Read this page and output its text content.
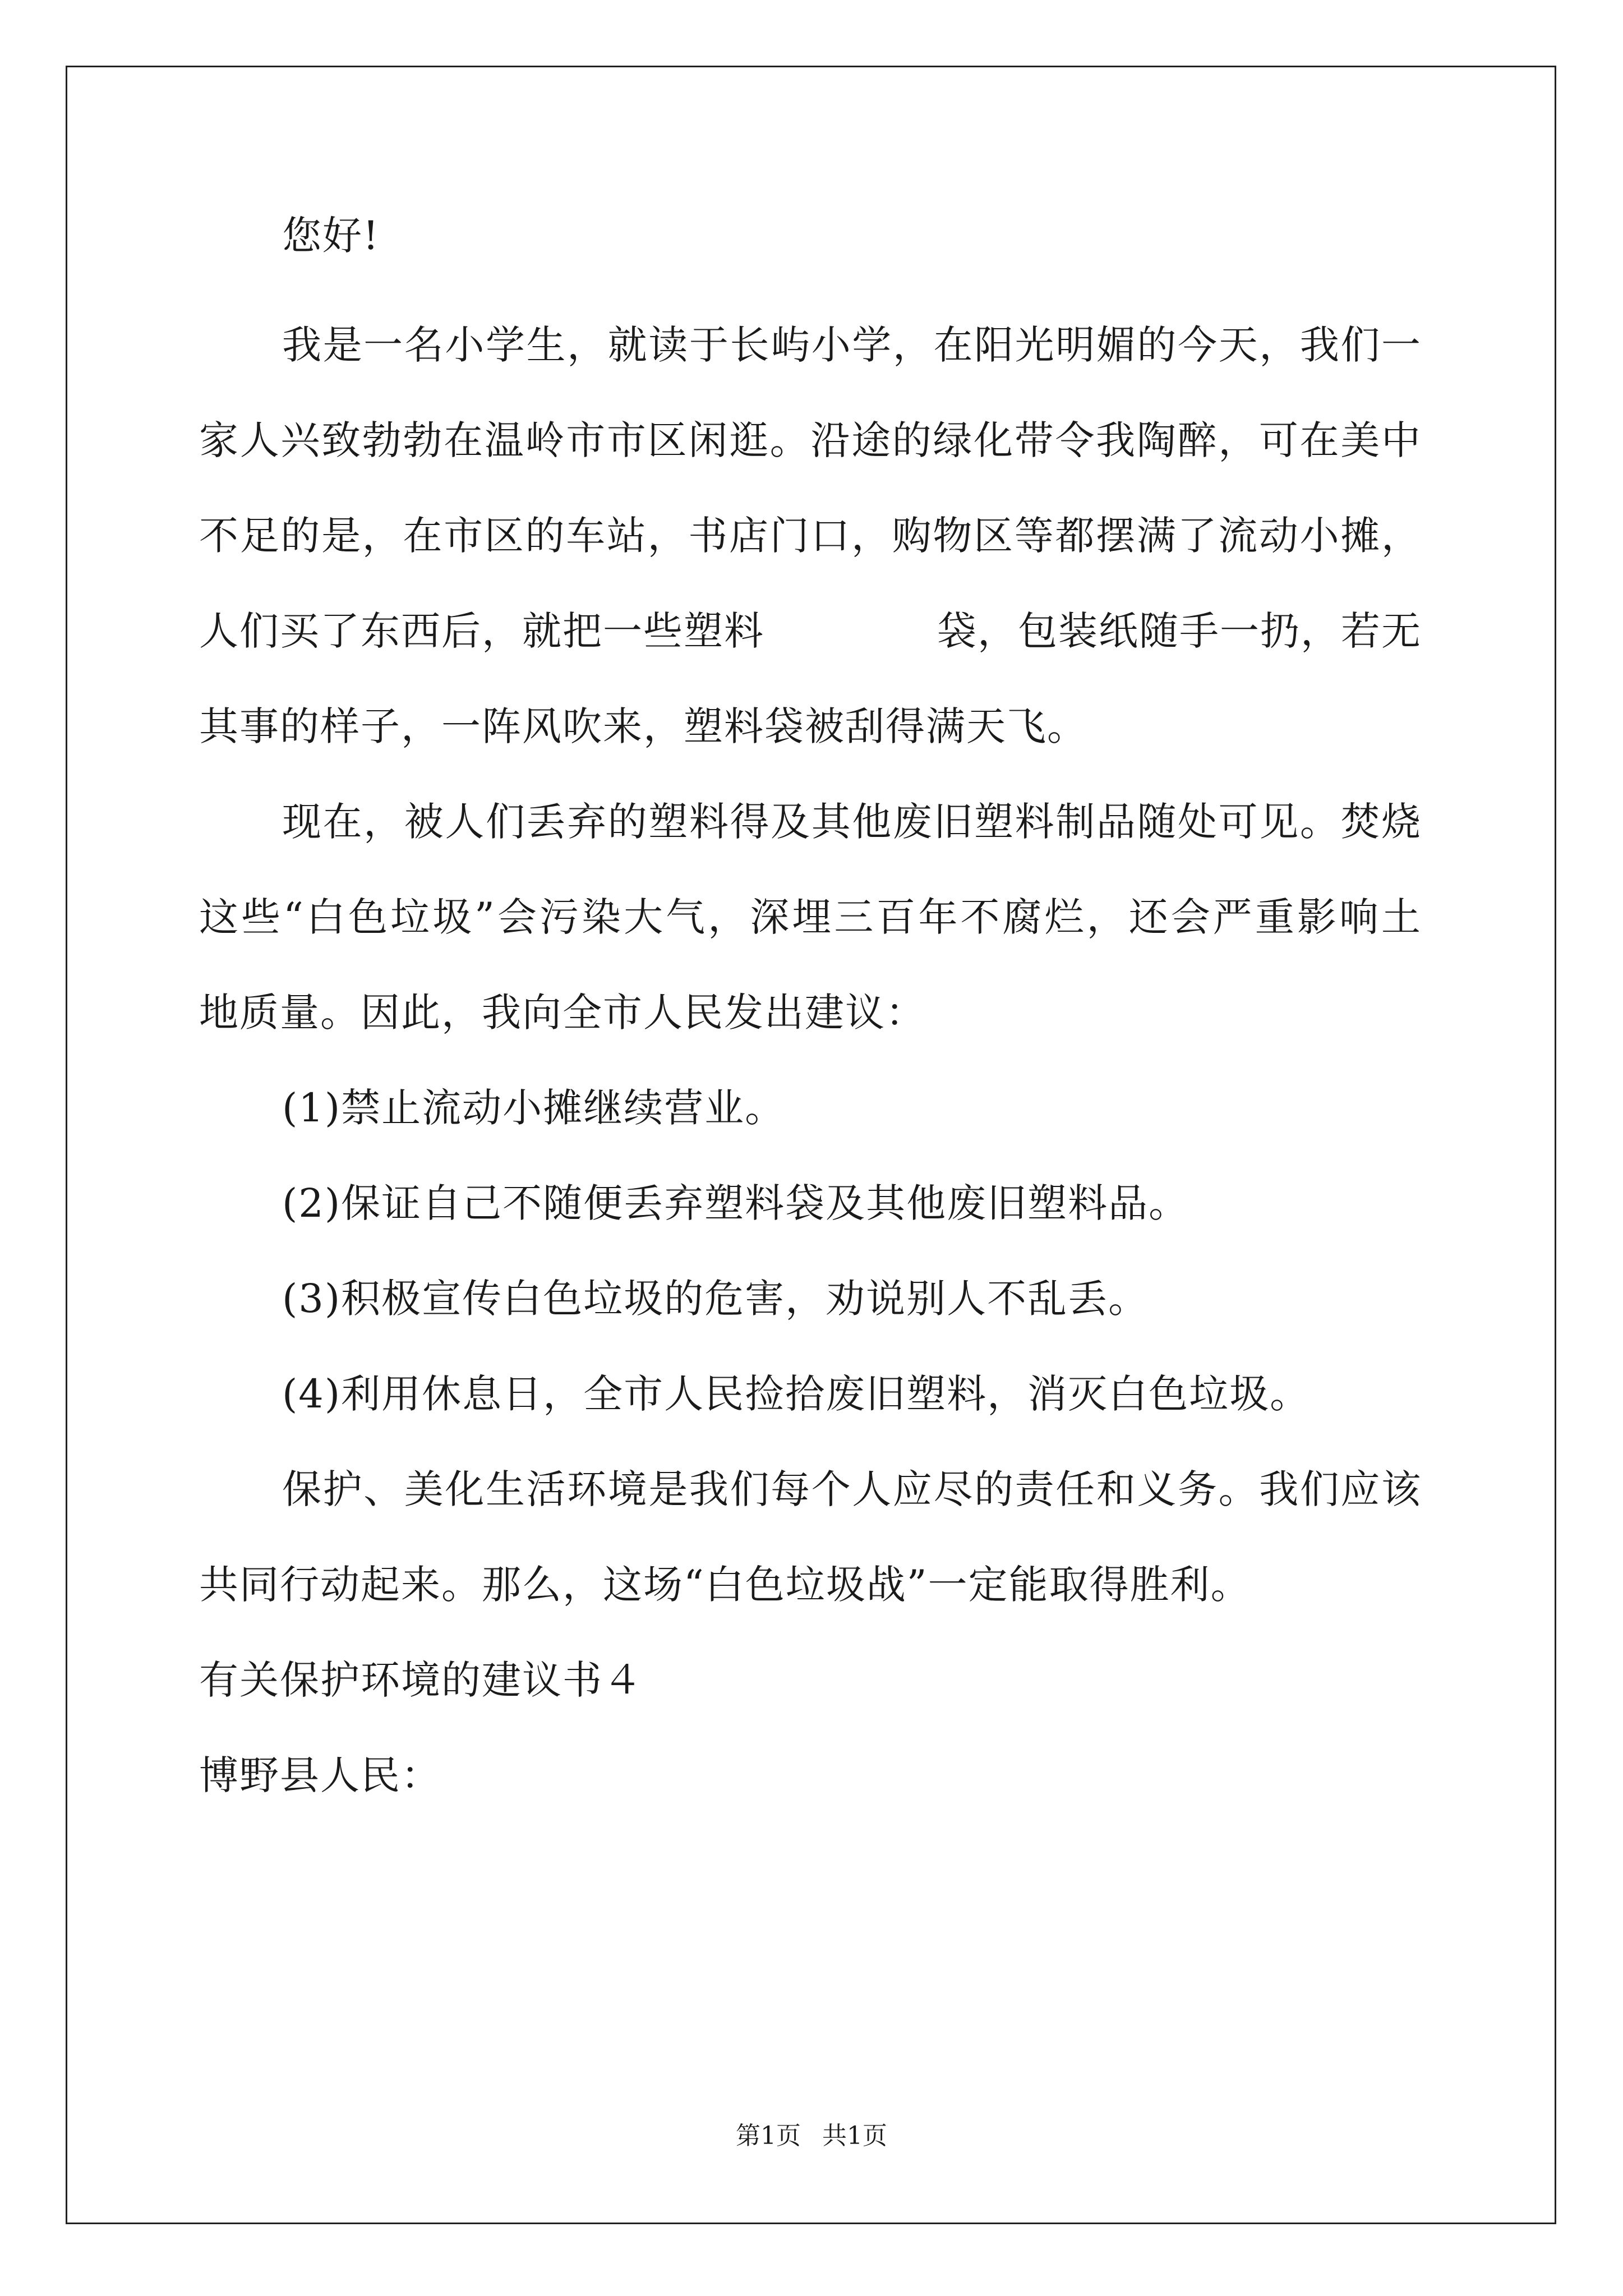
您好!
我是一名小学生，就读于长屿小学，在阳光明媚的今天，我们一
家人兴致勃勃在温岭市市区闲逛。沿途的绿化带令我陶醉，可在美中
不足的是，在市区的车站，书店门口，购物区等都摆满了流动小摊，
人们买了东西后，就把一些塑料	袋，包装纸随手一扔，若无
其事的样子，一阵风吹来，塑料袋被刮得满天飞。
现在，被人们丢弃的塑料得及其他废旧塑料制品随处可见。焚烧
这些“白色垃圾”会污染大气，深埋三百年不腐烂，还会严重影响土
地质量。因此，我向全市人民发出建议：
(1)禁止流动小摊继续营业。
(2)保证自己不随便丢弃塑料袋及其他废旧塑料品。
(3)积极宣传白色垃圾的危害，劝说别人不乱丢。
(4)利用休息日，全市人民捡拾废旧塑料，消灭白色垃圾。
保护、美化生活环境是我们每个人应尽的责任和义务。我们应该
共同行动起来。那么，这场“白色垃圾战”一定能取得胜利。
有关保护环境的建议书４
博野县人民：
第1页 共1页
